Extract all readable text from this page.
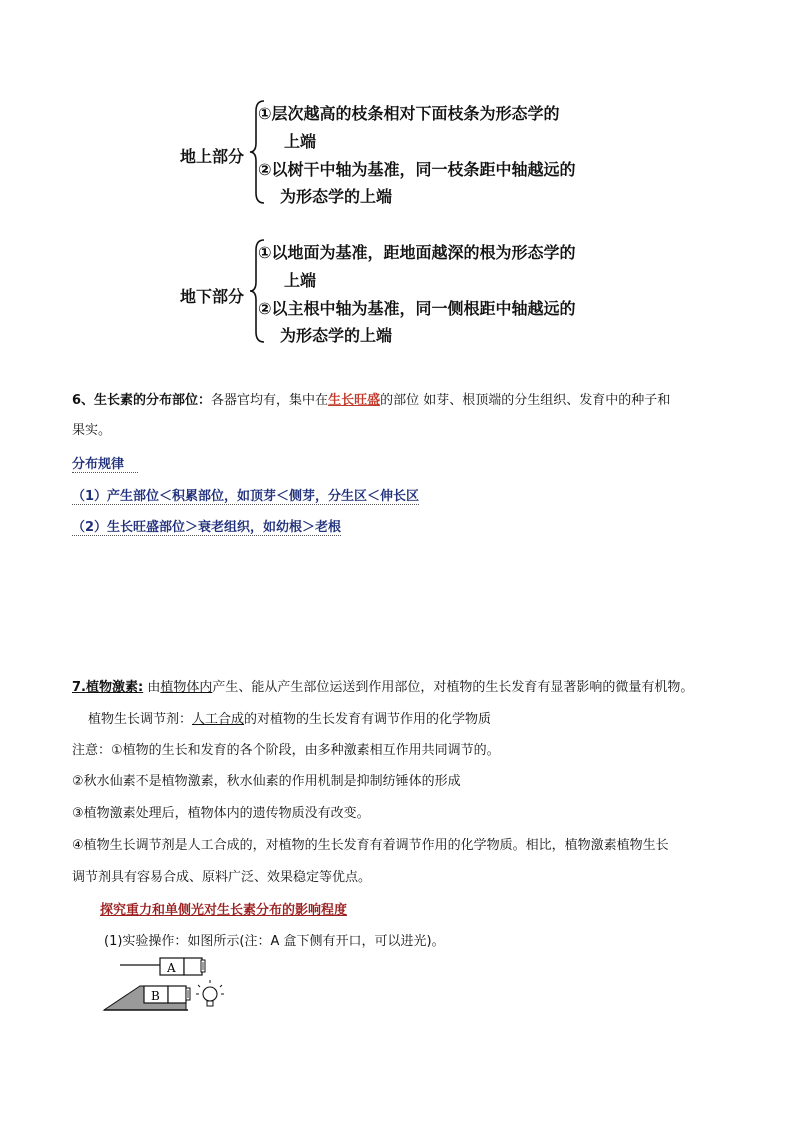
地上部分
①层次越高的枝条相对下面枝条为形态学的
上端
②以树干中轴为基准，同一枝条距中轴越远的
为形态学的上端
地下部分
①以地面为基准，距地面越深的根为形态学的
上端
②以主根中轴为基准，同一侧根距中轴越远的
为形态学的上端
6、生长素的分布部位：各器官均有，集中在生长旺盛的部位 如芽、根顶端的分生组织、发育中的种子和
果实。
分布规律
（1）产生部位＜积累部位，如顶芽＜侧芽，分生区＜伸长区
（2）生长旺盛部位＞衰老组织，如幼根＞老根
7.植物激素: 由植物体内产生、能从产生部位运送到作用部位，对植物的生长发育有显著影响的微量有机物。
植物生长调节剂：人工合成的对植物的生长发育有调节作用的化学物质
注意：①植物的生长和发育的各个阶段，由多种激素相互作用共同调节的。
②秋水仙素不是植物激素，秋水仙素的作用机制是抑制纺锤体的形成
③植物激素处理后，植物体内的遗传物质没有改变。
④植物生长调节剂是人工合成的，对植物的生长发育有着调节作用的化学物质。相比，植物激素植物生长
调节剂具有容易合成、原料广泛、效果稳定等优点。
探究重力和单侧光对生长素分布的影响程度
(1)实验操作：如图所示(注：A 盒下侧有开口，可以进光)。
A
B
